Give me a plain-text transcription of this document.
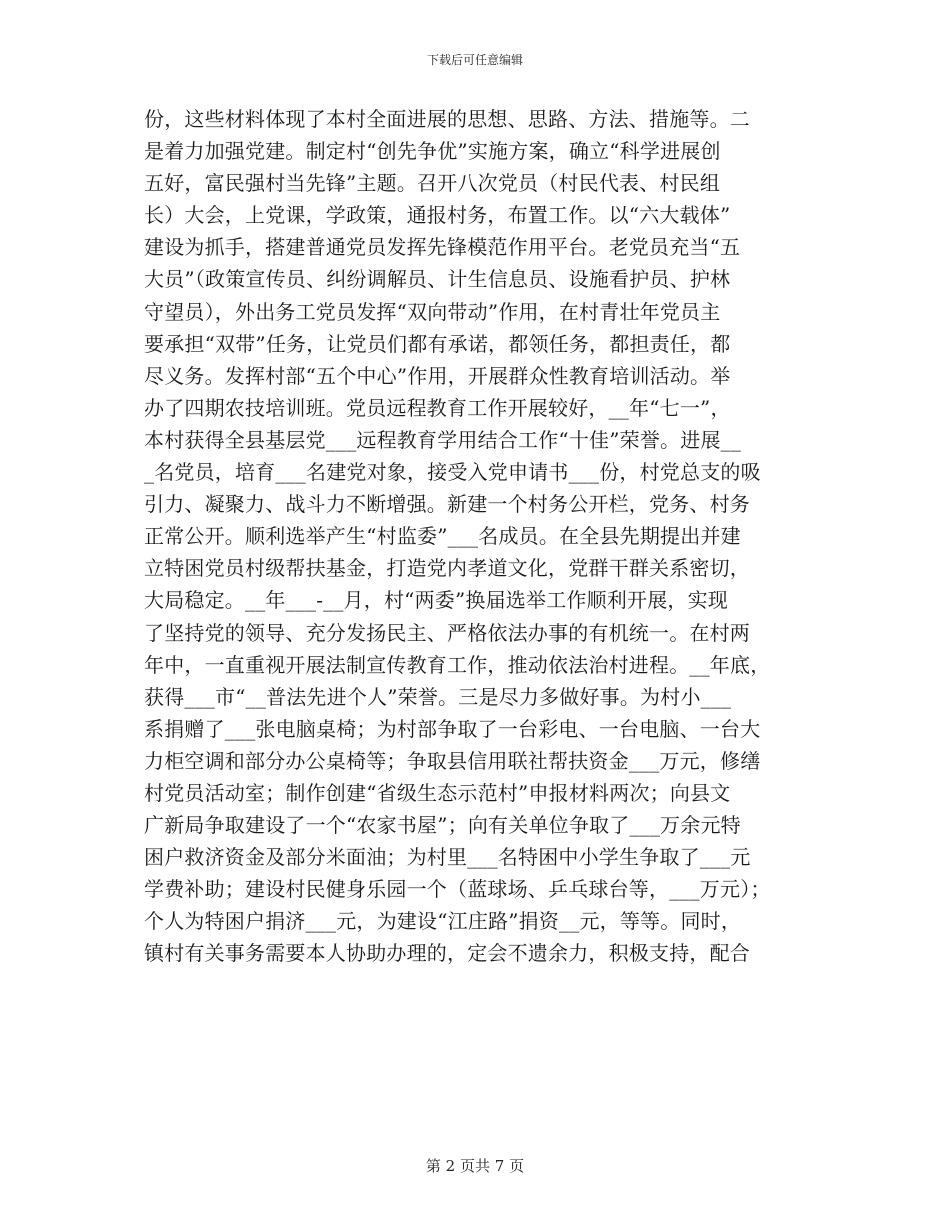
下载后可任意编辑
份，这些材料体现了本村全面进展的思想、思路、方法、措施等。二
是着力加强党建。制定村“创先争优”实施方案，确立“科学进展创
五好，富民强村当先锋”主题。召开八次党员（村民代表、村民组
长）大会，上党课，学政策，通报村务，布置工作。以“六大载体”
建设为抓手，搭建普通党员发挥先锋模范作用平台。老党员充当“五
大员”（政策宣传员、纠纷调解员、计生信息员、设施看护员、护林
守望员），外出务工党员发挥“双向带动”作用，在村青壮年党员主
要承担“双带”任务，让党员们都有承诺，都领任务，都担责任，都
尽义务。发挥村部“五个中心”作用，开展群众性教育培训活动。举
办了四期农技培训班。党员远程教育工作开展较好，__年“七一”，
本村获得全县基层党___远程教育学用结合工作“十佳”荣誉。进展__
_名党员，培育___名建党对象，接受入党申请书___份，村党总支的吸
引力、凝聚力、战斗力不断增强。新建一个村务公开栏，党务、村务
正常公开。顺利选举产生“村监委”___名成员。在全县先期提出并建
立特困党员村级帮扶基金，打造党内孝道文化，党群干群关系密切，
大局稳定。__年___-__月，村“两委”换届选举工作顺利开展，实现
了坚持党的领导、充分发扬民主、严格依法办事的有机统一。在村两
年中，一直重视开展法制宣传教育工作，推动依法治村进程。__年底，
获得___市“__普法先进个人”荣誉。三是尽力多做好事。为村小___
系捐赠了___张电脑桌椅；为村部争取了一台彩电、一台电脑、一台大
力柜空调和部分办公桌椅等；争取县信用联社帮扶资金___万元，修缮
村党员活动室；制作创建“省级生态示范村”申报材料两次；向县文
广新局争取建设了一个“农家书屋”；向有关单位争取了___万余元特
困户救济资金及部分米面油；为村里___名特困中小学生争取了___元
学费补助；建设村民健身乐园一个（蓝球场、乒乓球台等，___万元）；
个人为特困户捐济___元，为建设“江庄路”捐资__元，等等。同时，
镇村有关事务需要本人协助办理的，定会不遗余力，积极支持，配合
第 2 页共 7 页
